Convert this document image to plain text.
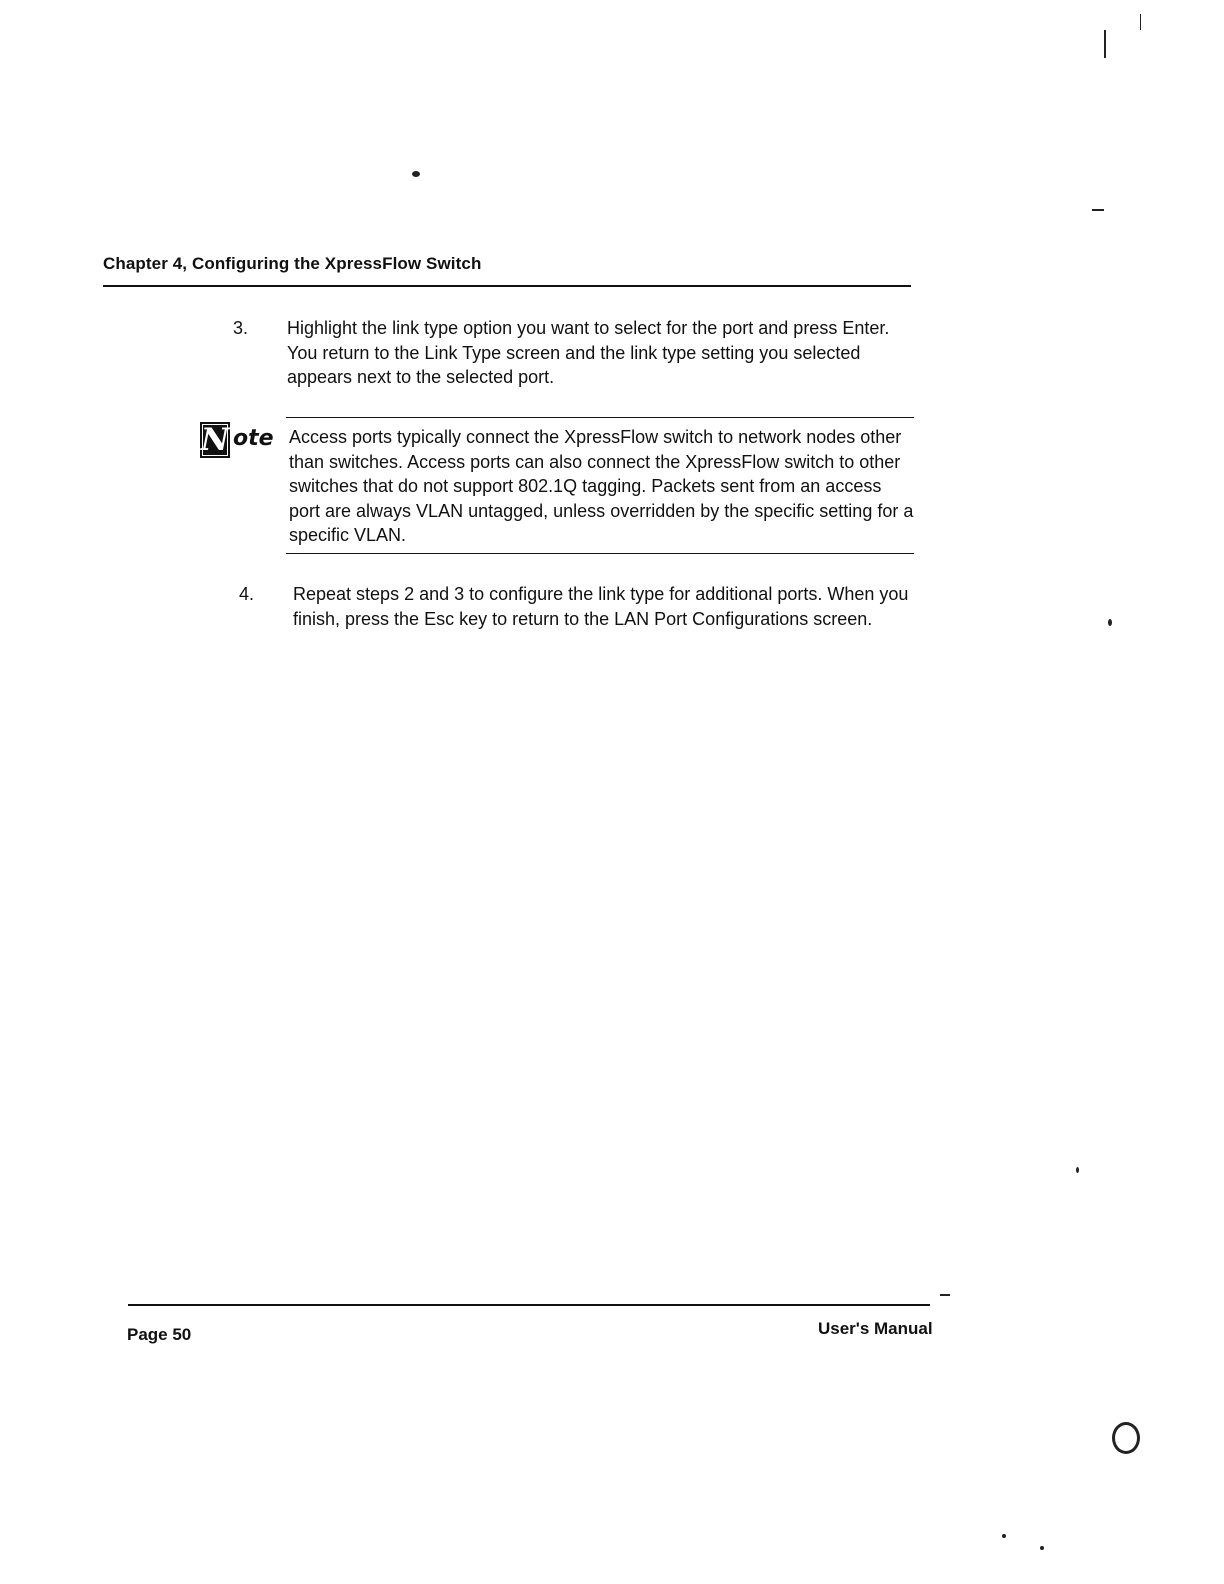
Chapter 4, Configuring the XpressFlow Switch
3. Highlight the link type option you want to select for the port and press Enter. You return to the Link Type screen and the link type setting you selected appears next to the selected port.
N ote Access ports typically connect the XpressFlow switch to network nodes other than switches. Access ports can also connect the XpressFlow switch to other switches that do not support 802.1Q tagging. Packets sent from an access port are always VLAN untagged, unless overridden by the specific setting for a specific VLAN.
4. Repeat steps 2 and 3 to configure the link type for additional ports. When you finish, press the Esc key to return to the LAN Port Configurations screen.
Page 50	User's Manual
